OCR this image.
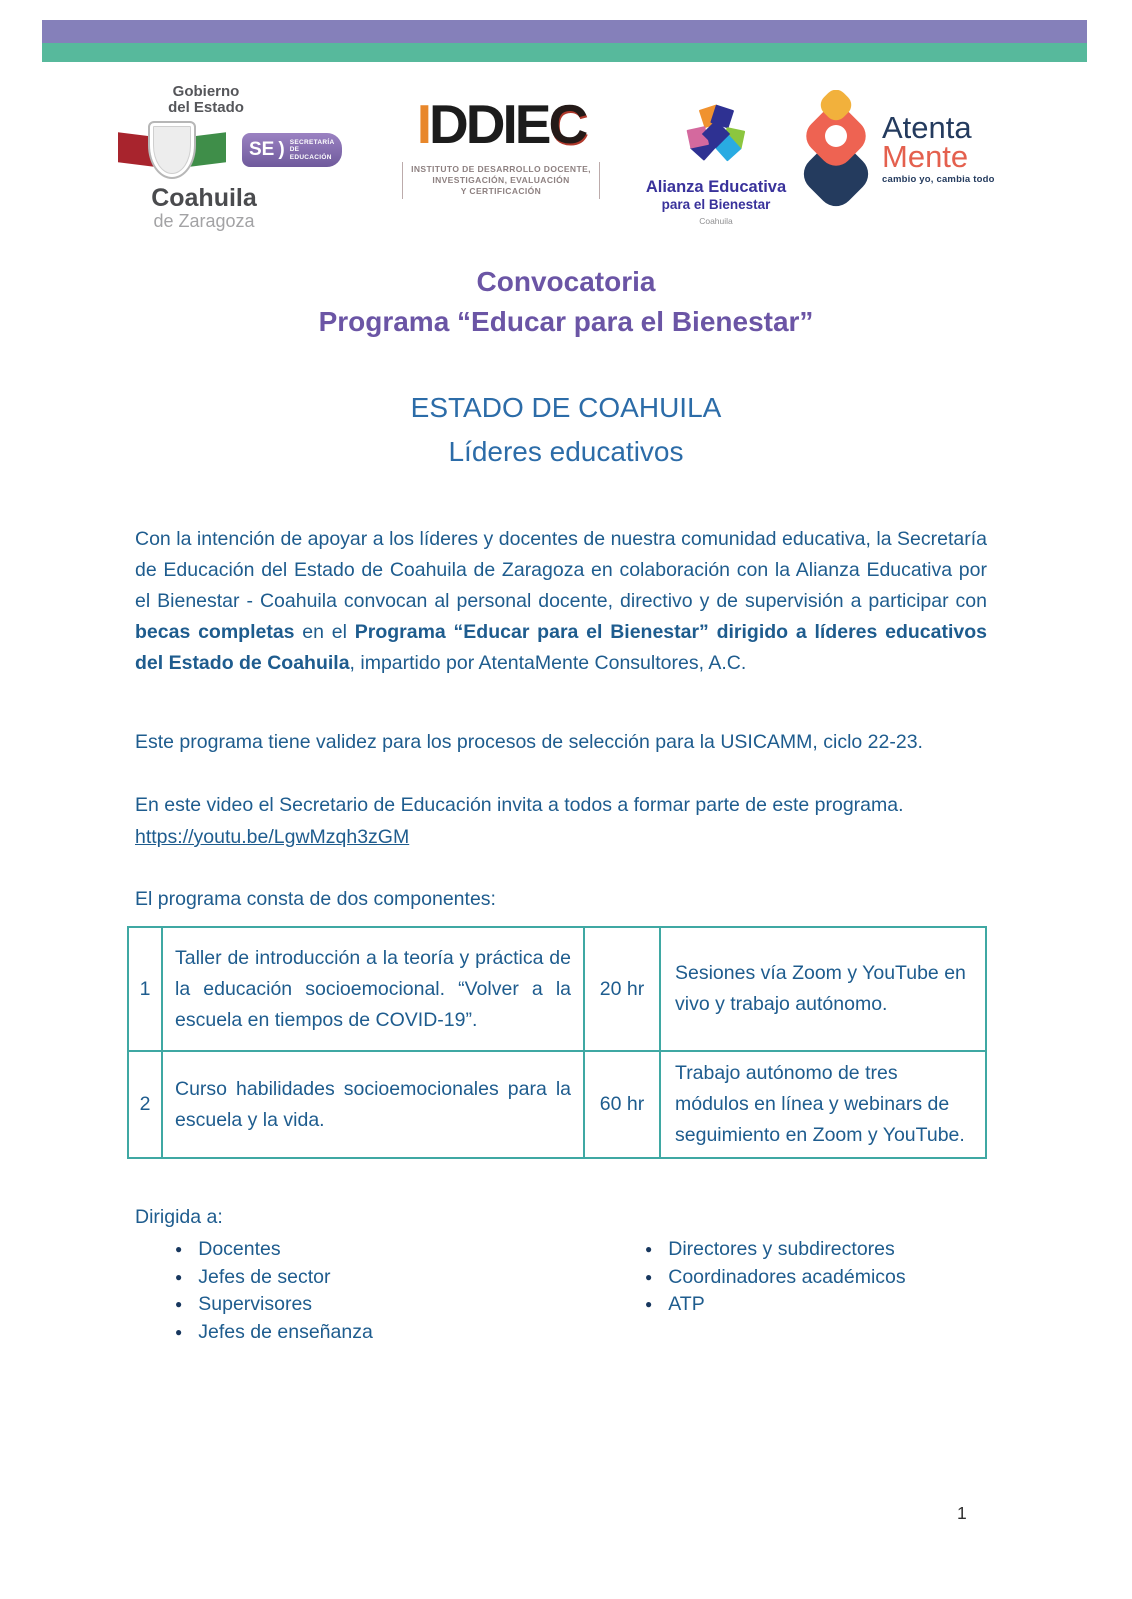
Gobierno
del Estado
SE ) SECRETARÍA
DE EDUCACIÓN
Coahuila
de Zaragoza
IDDIEC
INSTITUTO DE DESARROLLO DOCENTE,
INVESTIGACIÓN, EVALUACIÓN
Y CERTIFICACIÓN	Alianza Educativa
para el Bienestar
Coahuila
Atenta
Mente
cambio yo, cambia todo
Convocatoria
Programa “Educar para el Bienestar”
ESTADO DE COAHUILA
Líderes educativos
Con la intención de apoyar a los líderes y docentes de nuestra comunidad educativa, la Secretaría de Educación del Estado de Coahuila de Zaragoza en colaboración con la Alianza Educativa por el Bienestar - Coahuila convocan al personal docente, directivo y de supervisión a participar con becas completas en el Programa “Educar para el Bienestar” dirigido a líderes educativos del Estado de Coahuila, impartido por AtentaMente Consultores, A.C.
Este programa tiene validez para los procesos de selección para la USICAMM, ciclo 22-23.
En este video el Secretario de Educación invita a todos a formar parte de este programa.
https://youtu.be/LgwMzqh3zGM
El programa consta de dos componentes:
1	Taller de introducción a la teoría y práctica de la educación socioemocional. “Volver a la escuela en tiempos de COVID-19”.	20 hr	Sesiones vía Zoom y YouTube en vivo y trabajo autónomo.
2	Curso habilidades socioemocionales para la escuela y la vida.	60 hr	Trabajo autónomo de tres módulos en línea y webinars de seguimiento en Zoom y YouTube.
Dirigida a:
● Docentes
● Jefes de sector
● Supervisores
● Jefes de enseñanza
● Directores y subdirectores
● Coordinadores académicos
● ATP
1
